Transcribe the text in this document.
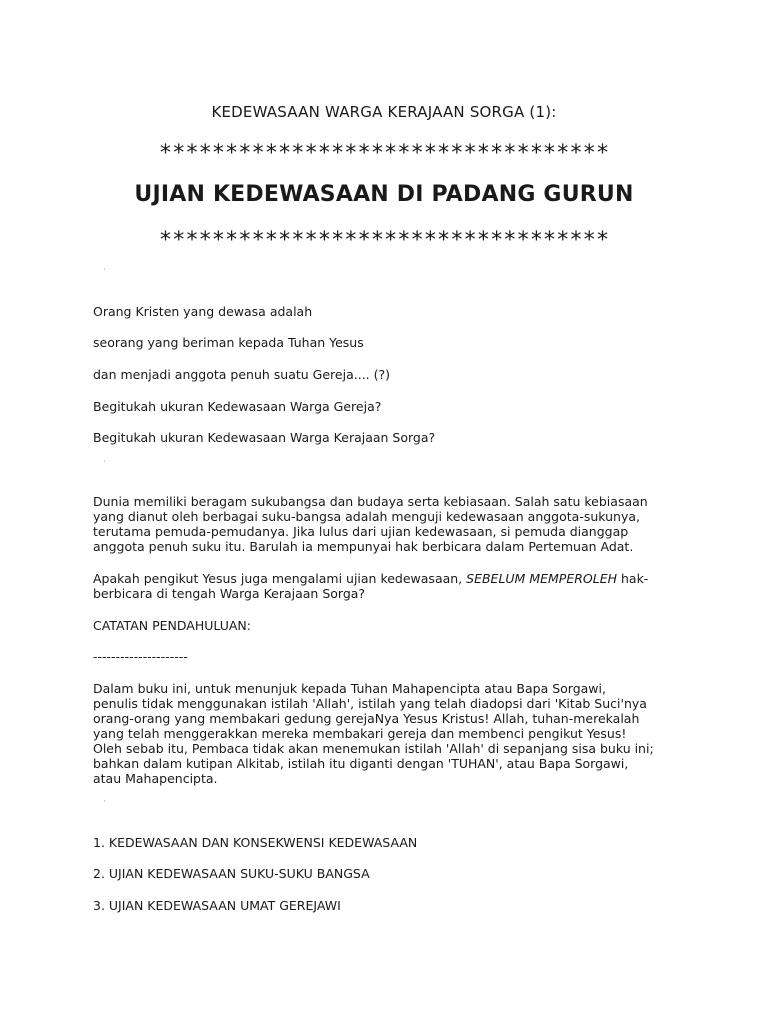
KEDEWASAAN WARGA KERAJAAN SORGA (1):
**********************************
UJIAN KEDEWASAAN DI PADANG GURUN
**********************************
·
Orang Kristen yang dewasa adalah
seorang yang beriman kepada Tuhan Yesus
dan menjadi anggota penuh suatu Gereja.... (?)
Begitukah ukuran Kedewasaan Warga Gereja?
Begitukah ukuran Kedewasaan Warga Kerajaan Sorga?
·
Dunia memiliki beragam sukubangsa dan budaya serta kebiasaan. Salah satu kebiasaan
yang dianut oleh berbagai suku-bangsa adalah menguji kedewasaan anggota-sukunya,
terutama pemuda-pemudanya. Jika lulus dari ujian kedewasaan, si pemuda dianggap
anggota penuh suku itu. Barulah ia mempunyai hak berbicara dalam Pertemuan Adat.
Apakah pengikut Yesus juga mengalami ujian kedewasaan, SEBELUM MEMPEROLEH hak-
berbicara di tengah Warga Kerajaan Sorga?
CATATAN PENDAHULUAN:
---------------------
Dalam buku ini, untuk menunjuk kepada Tuhan Mahapencipta atau Bapa Sorgawi,
penulis tidak menggunakan istilah 'Allah', istilah yang telah diadopsi dari 'Kitab Suci'nya
orang-orang yang membakari gedung gerejaNya Yesus Kristus! Allah, tuhan-merekalah
yang telah menggerakkan mereka membakari gereja dan membenci pengikut Yesus!
Oleh sebab itu, Pembaca tidak akan menemukan istilah 'Allah' di sepanjang sisa buku ini;
bahkan dalam kutipan Alkitab, istilah itu diganti dengan 'TUHAN', atau Bapa Sorgawi,
atau Mahapencipta.
·
1. KEDEWASAAN DAN KONSEKWENSI KEDEWASAAN
2. UJIAN KEDEWASAAN SUKU-SUKU BANGSA
3. UJIAN KEDEWASAAN UMAT GEREJAWI
